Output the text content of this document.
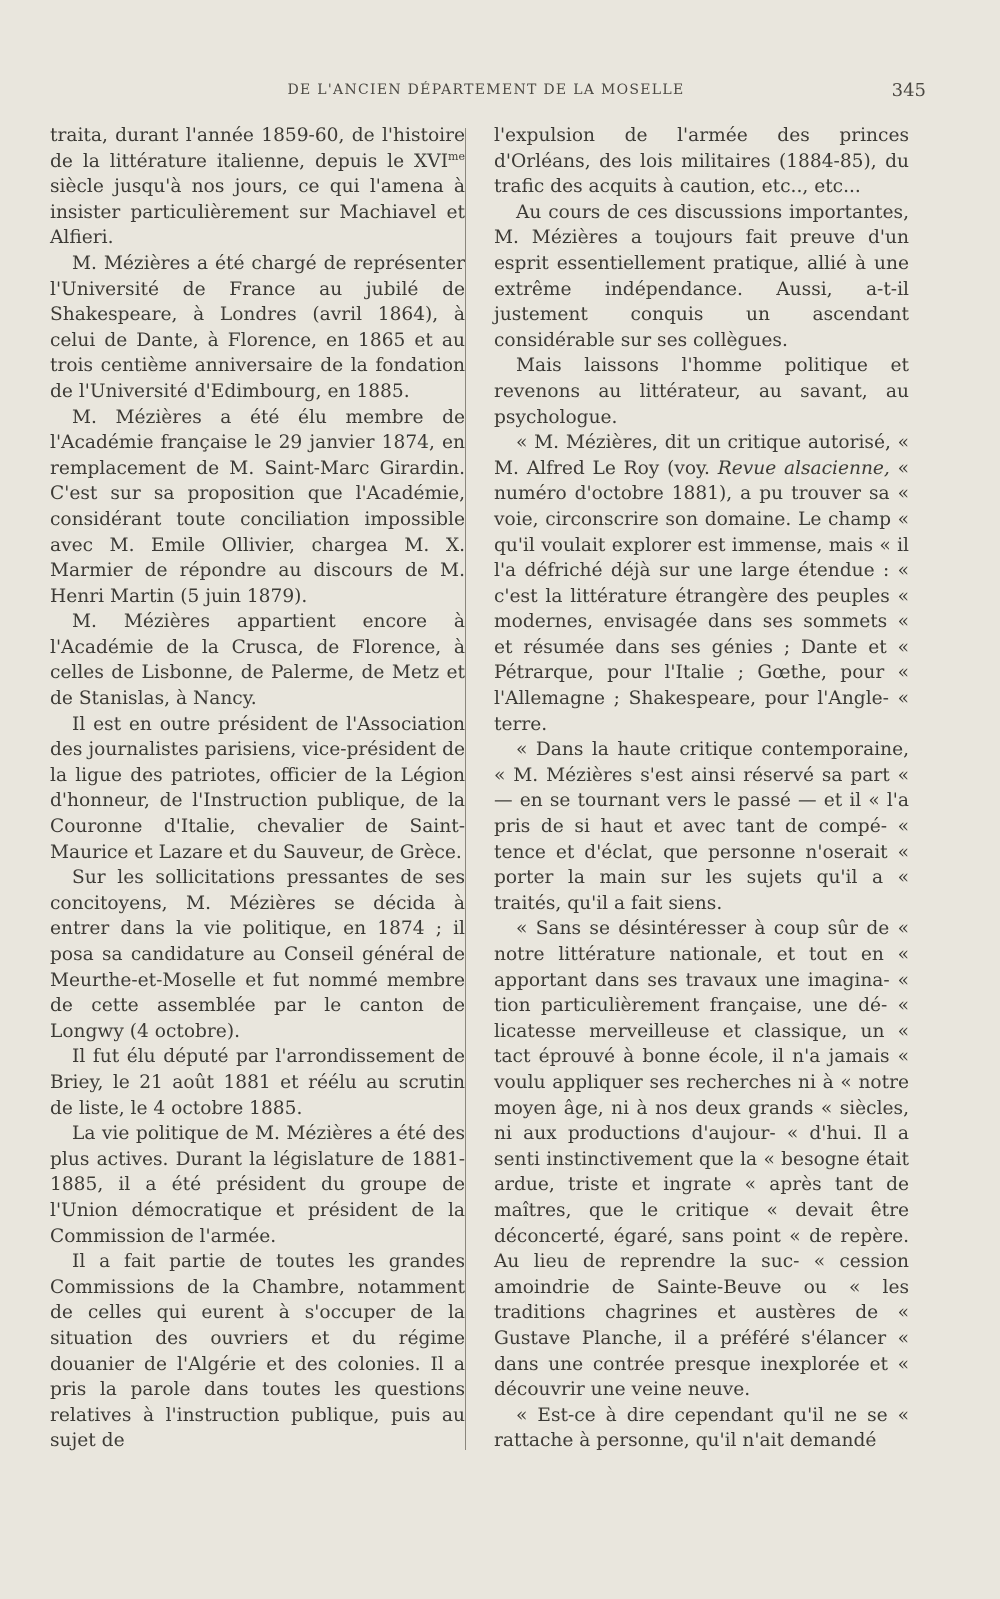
DE L'ANCIEN DÉPARTEMENT DE LA MOSELLE	345

traita, durant l'année 1859-60, de l'histoire de la littérature italienne, depuis le $XVI^{me}$ siècle jusqu'à nos jours, ce qui l'amena à insister particulièrement sur Machiavel et Alfieri.

M. Mézières a été chargé de représenter l'Université de France au jubilé de Shakespeare, à Londres (avril 1864), à celui de Dante, à Florence, en 1865 et au trois centième anniversaire de la fondation de l'Université d'Edimbourg, en 1885.

M. Mézières a été élu membre de l'Académie française le 29 janvier 1874, en remplacement de M. Saint-Marc Girardin. C'est sur sa proposition que l'Académie, considérant toute conciliation impossible avec M. Emile Ollivier, chargea M. X. Marmier de répondre au discours de M. Henri Martin (5 juin 1879).

M. Mézières appartient encore à l'Académie de la Crusca, de Florence, à celles de Lisbonne, de Palerme, de Metz et de Stanislas, à Nancy.

Il est en outre président de l'Association des journalistes parisiens, vice-président de la ligue des patriotes, officier de la Légion d'honneur, de l'Instruction publique, de la Couronne d'Italie, chevalier de Saint-Maurice et Lazare et du Sauveur, de Grèce.

Sur les sollicitations pressantes de ses concitoyens, M. Mézières se décida à entrer dans la vie politique, en 1874 ; il posa sa candidature au Conseil général de Meurthe-et-Moselle et fut nommé membre de cette assemblée par le canton de Longwy (4 octobre).

Il fut élu député par l'arrondissement de Briey, le 21 août 1881 et réélu au scrutin de liste, le 4 octobre 1885.

La vie politique de M. Mézières a été des plus actives. Durant la législature de 1881-1885, il a été président du groupe de l'Union démocratique et président de la Commission de l'armée.

Il a fait partie de toutes les grandes Commissions de la Chambre, notamment de celles qui eurent à s'occuper de la situation des ouvriers et du régime douanier de l'Algérie et des colonies. Il a pris la parole dans toutes les questions relatives à l'instruction publique, puis au sujet de

l'expulsion de l'armée des princes d'Orléans, des lois militaires (1884-85), du trafic des acquits à caution, etc.., etc...

Au cours de ces discussions importantes, M. Mézières a toujours fait preuve d'un esprit essentiellement pratique, allié à une extrême indépendance. Aussi, a-t-il justement conquis un ascendant considérable sur ses collègues.

Mais laissons l'homme politique et revenons au littérateur, au savant, au psychologue.

« M. Mézières, dit un critique autorisé, « M. Alfred Le Roy (voy. Revue alsacienne, « numéro d'octobre 1881), a pu trouver sa « voie, circonscrire son domaine. Le champ « qu'il voulait explorer est immense, mais « il l'a défriché déjà sur une large étendue : « c'est la littérature étrangère des peuples « modernes, envisagée dans ses sommets « et résumée dans ses génies ; Dante et « Pétrarque, pour l'Italie ; Gœthe, pour « l'Allemagne ; Shakespeare, pour l'Angle- « terre.

« Dans la haute critique contemporaine, « M. Mézières s'est ainsi réservé sa part « — en se tournant vers le passé — et il « l'a pris de si haut et avec tant de compé- « tence et d'éclat, que personne n'oserait « porter la main sur les sujets qu'il a « traités, qu'il a fait siens.

« Sans se désintéresser à coup sûr de « notre littérature nationale, et tout en « apportant dans ses travaux une imagina- « tion particulièrement française, une dé- « licatesse merveilleuse et classique, un « tact éprouvé à bonne école, il n'a jamais « voulu appliquer ses recherches ni à « notre moyen âge, ni à nos deux grands « siècles, ni aux productions d'aujour- « d'hui. Il a senti instinctivement que la « besogne était ardue, triste et ingrate « après tant de maîtres, que le critique « devait être déconcerté, égaré, sans point « de repère. Au lieu de reprendre la suc- « cession amoindrie de Sainte-Beuve ou « les traditions chagrines et austères de « Gustave Planche, il a préféré s'élancer « dans une contrée presque inexplorée et « découvrir une veine neuve.

« Est-ce à dire cependant qu'il ne se « rattache à personne, qu'il n'ait demandé
